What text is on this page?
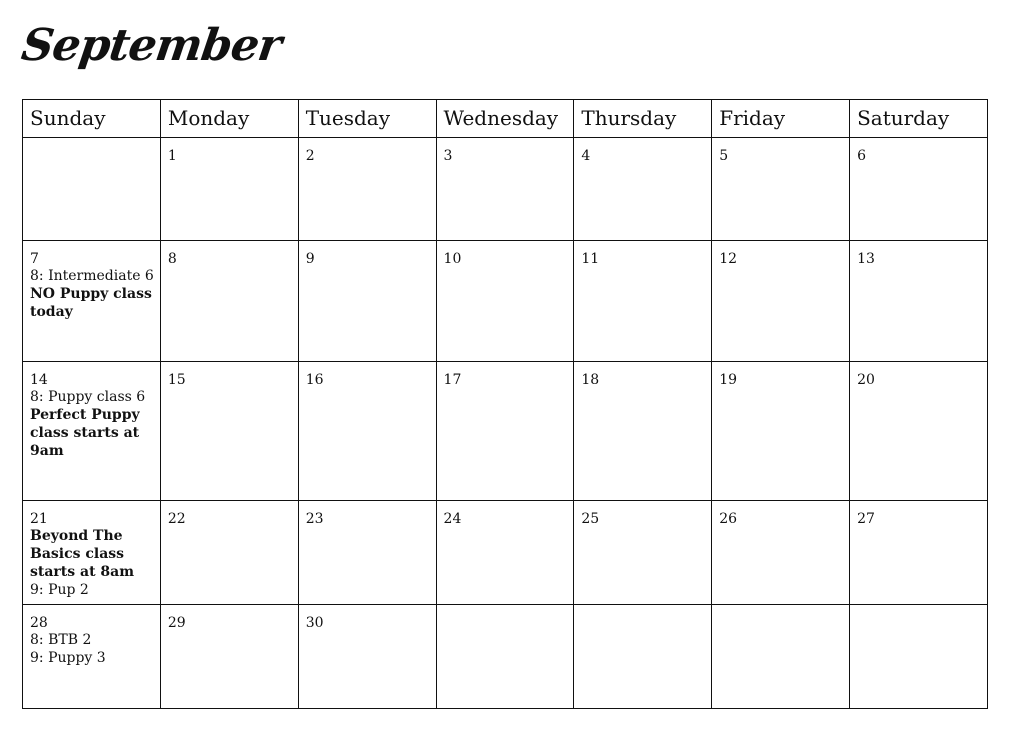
September
Sunday	Monday	Tuesday	Wednesday	Thursday	Friday	Saturday

	1	2	3	4	5	6

7
8: Intermediate 6
NO Puppy class today	8	9	10	11	12	13

14
8: Puppy class 6
Perfect Puppy class starts at 9am	15	16	17	18	19	20

21
Beyond The Basics class starts at 8am
9: Pup 2	22	23	24	25	26	27

28
8: BTB 2
9: Puppy 3	29	30				
